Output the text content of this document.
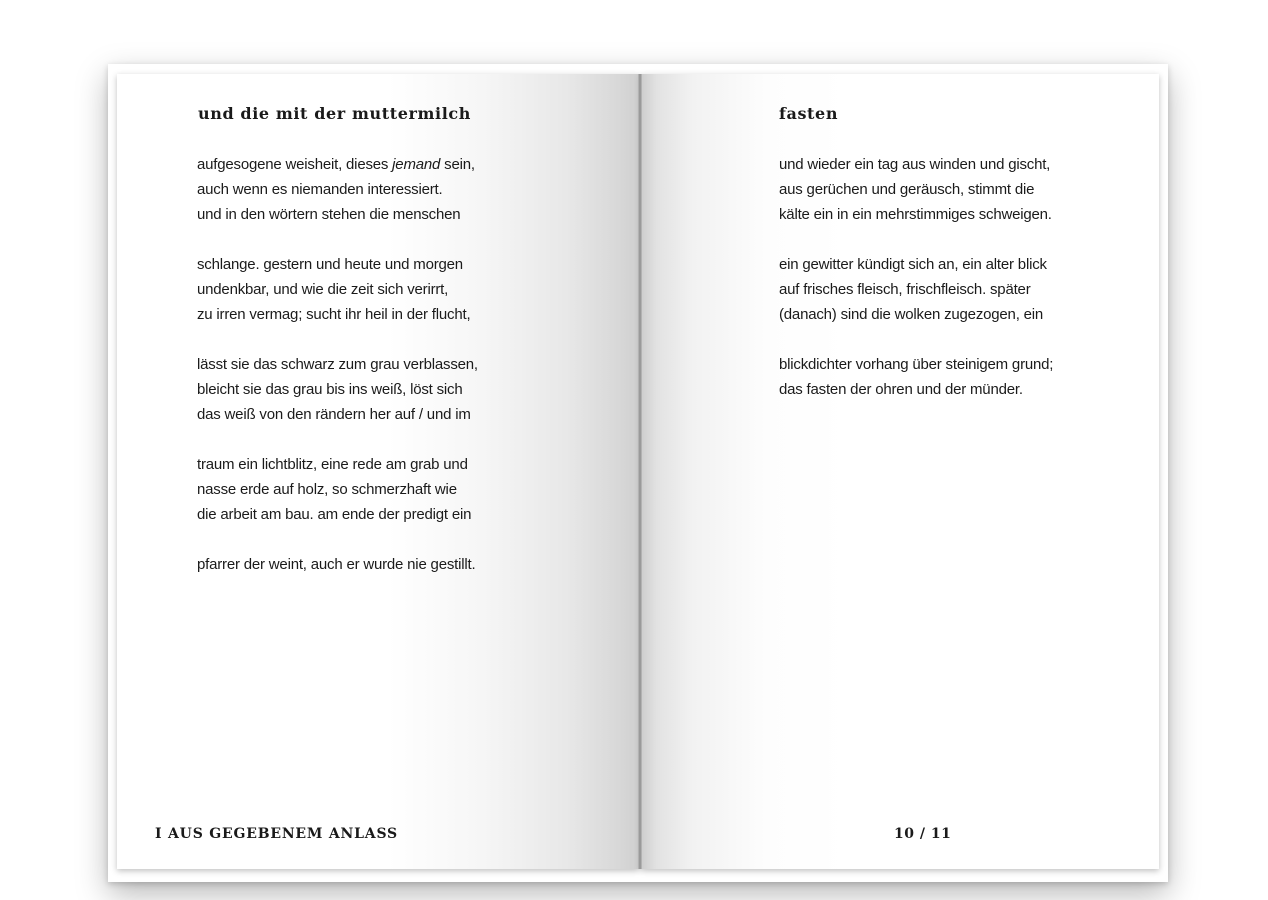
und die mit der muttermilch
aufgesogene weisheit, dieses jemand sein,
auch wenn es niemanden interessiert.
und in den wörtern stehen die menschen
schlange. gestern und heute und morgen
undenkbar, und wie die zeit sich verirrt,
zu irren vermag; sucht ihr heil in der flucht,
lässt sie das schwarz zum grau verblassen,
bleicht sie das grau bis ins weiß, löst sich
das weiß von den rändern her auf / und im
traum ein lichtblitz, eine rede am grab und
nasse erde auf holz, so schmerzhaft wie
die arbeit am bau. am ende der predigt ein
pfarrer der weint, auch er wurde nie gestillt.
I AUS GEGEBENEM ANLASS
fasten
und wieder ein tag aus winden und gischt,
aus gerüchen und geräusch, stimmt die
kälte ein in ein mehrstimmiges schweigen.
ein gewitter kündigt sich an, ein alter blick
auf frisches fleisch, frischfleisch. später
(danach) sind die wolken zugezogen, ein
blickdichter vorhang über steinigem grund;
das fasten der ohren und der münder.
10 / 11
